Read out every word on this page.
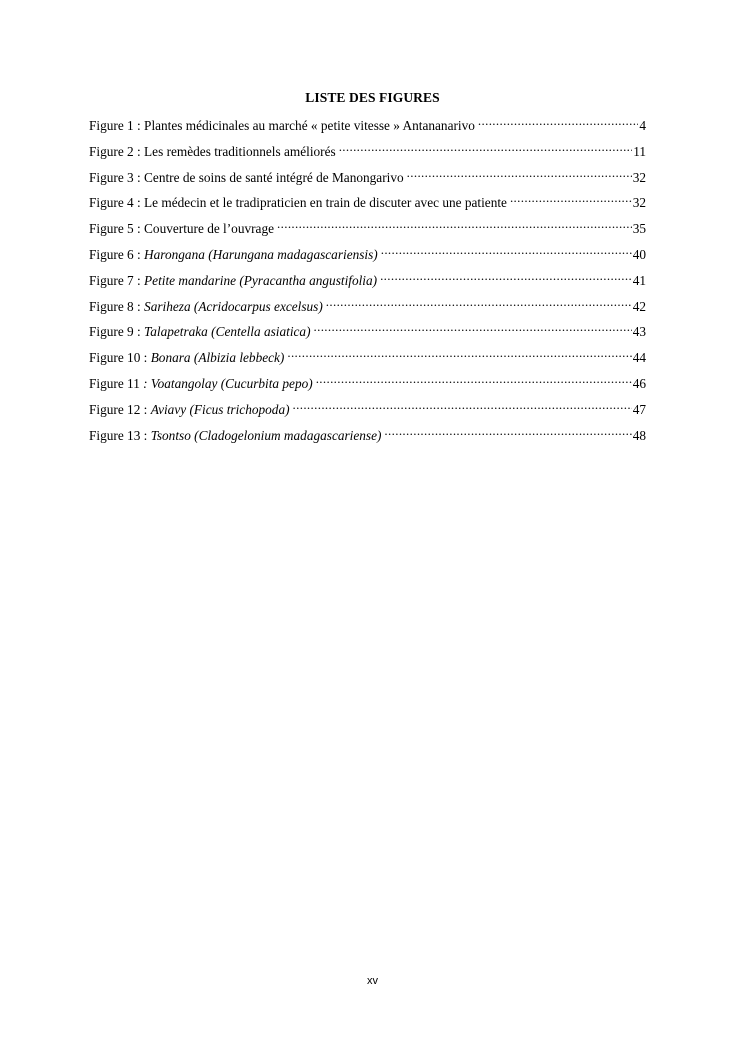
LISTE DES FIGURES
Figure 1 : Plantes médicinales au marché « petite vitesse » Antananarivo .....	4
Figure 2 : Les remèdes traditionnels améliorés .....	11
Figure 3 : Centre de soins de santé intégré de Manongarivo .....	32
Figure 4 : Le médecin et le tradipraticien en train de discuter avec une patiente .....	32
Figure 5 : Couverture de l’ouvrage .....	35
Figure 6 : Harongana (Harungana madagascariensis) .....	40
Figure 7 : Petite mandarine (Pyracantha angustifolia) .....	41
Figure 8 : Sariheza (Acridocarpus excelsus) .....	42
Figure 9 : Talapetraka (Centella asiatica) .....	43
Figure 10 : Bonara (Albizia lebbeck) .....	44
Figure 11 : Voatangolay (Cucurbita pepo) .....	46
Figure 12 : Aviavy (Ficus trichopoda) .....	47
Figure 13 : Tsontso (Cladogelonium madagascariense) .....	48
xv
